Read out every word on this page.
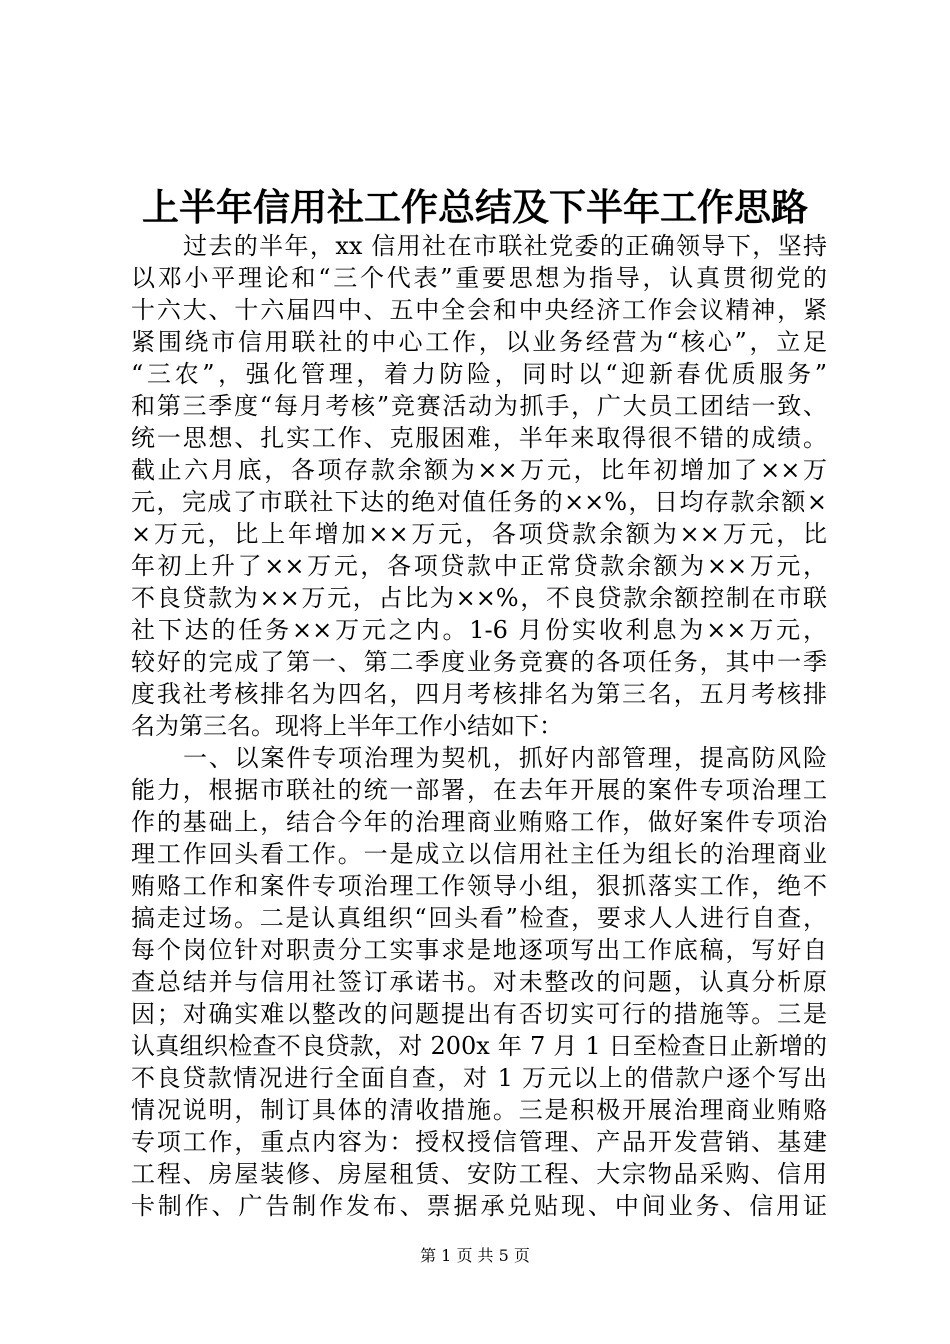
上半年信用社工作总结及下半年工作思路
过去的半年，xx 信用社在市联社党委的正确领导下，坚持
以邓小平理论和“三个代表”重要思想为指导，认真贯彻党的
十六大、十六届四中、五中全会和中央经济工作会议精神，紧
紧围绕市信用联社的中心工作，以业务经营为“核心”，立足
“三农”，强化管理，着力防险，同时以“迎新春优质服务”
和第三季度“每月考核”竞赛活动为抓手，广大员工团结一致、
统一思想、扎实工作、克服困难，半年来取得很不错的成绩。
截止六月底，各项存款余额为××万元，比年初增加了××万
元，完成了市联社下达的绝对值任务的××%，日均存款余额×
×万元，比上年增加××万元，各项贷款余额为××万元，比
年初上升了××万元，各项贷款中正常贷款余额为××万元，
不良贷款为××万元，占比为××%，不良贷款余额控制在市联
社下达的任务××万元之内。1-6 月份实收利息为××万元，
较好的完成了第一、第二季度业务竞赛的各项任务，其中一季
度我社考核排名为四名，四月考核排名为第三名，五月考核排
名为第三名。现将上半年工作小结如下：
一、以案件专项治理为契机，抓好内部管理，提高防风险
能力，根据市联社的统一部署，在去年开展的案件专项治理工
作的基础上，结合今年的治理商业贿赂工作，做好案件专项治
理工作回头看工作。一是成立以信用社主任为组长的治理商业
贿赂工作和案件专项治理工作领导小组，狠抓落实工作，绝不
搞走过场。二是认真组织“回头看”检查，要求人人进行自查，
每个岗位针对职责分工实事求是地逐项写出工作底稿，写好自
查总结并与信用社签订承诺书。对未整改的问题，认真分析原
因；对确实难以整改的问题提出有否切实可行的措施等。三是
认真组织检查不良贷款，对 200x 年 7 月 1 日至检查日止新增的
不良贷款情况进行全面自查，对 1 万元以上的借款户逐个写出
情况说明，制订具体的清收措施。三是积极开展治理商业贿赂
专项工作，重点内容为：授权授信管理、产品开发营销、基建
工程、房屋装修、房屋租赁、安防工程、大宗物品采购、信用
卡制作、广告制作发布、票据承兑贴现、中间业务、信用证
第 1 页 共 5 页
